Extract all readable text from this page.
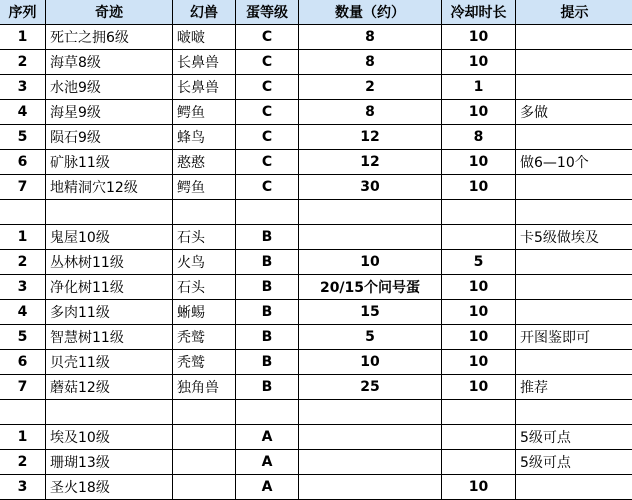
序列	奇迹	幻兽	蛋等级	数量（约）	冷却时长	提示
1	死亡之拥6级	啵啵	C	8	10	
2	海草8级	长鼻兽	C	8	10	
3	水池9级	长鼻兽	C	2	1	
4	海星9级	鳄鱼	C	8	10	多做
5	陨石9级	蜂鸟	C	12	8	
6	矿脉11级	憨憨	C	12	10	做6—10个
7	地精洞穴12级	鳄鱼	C	30	10	

1	鬼屋10级	石头	B			卡5级做埃及
2	丛林树11级	火鸟	B	10	5	
3	净化树11级	石头	B	20/15个问号蛋	10	
4	多肉11级	蜥蜴	B	15	10	
5	智慧树11级	秃鹫	B	5	10	开图鉴即可
6	贝壳11级	秃鹫	B	10	10	
7	蘑菇12级	独角兽	B	25	10	推荐

1	埃及10级		A			5级可点
2	珊瑚13级		A			5级可点
3	圣火18级		A		10	
